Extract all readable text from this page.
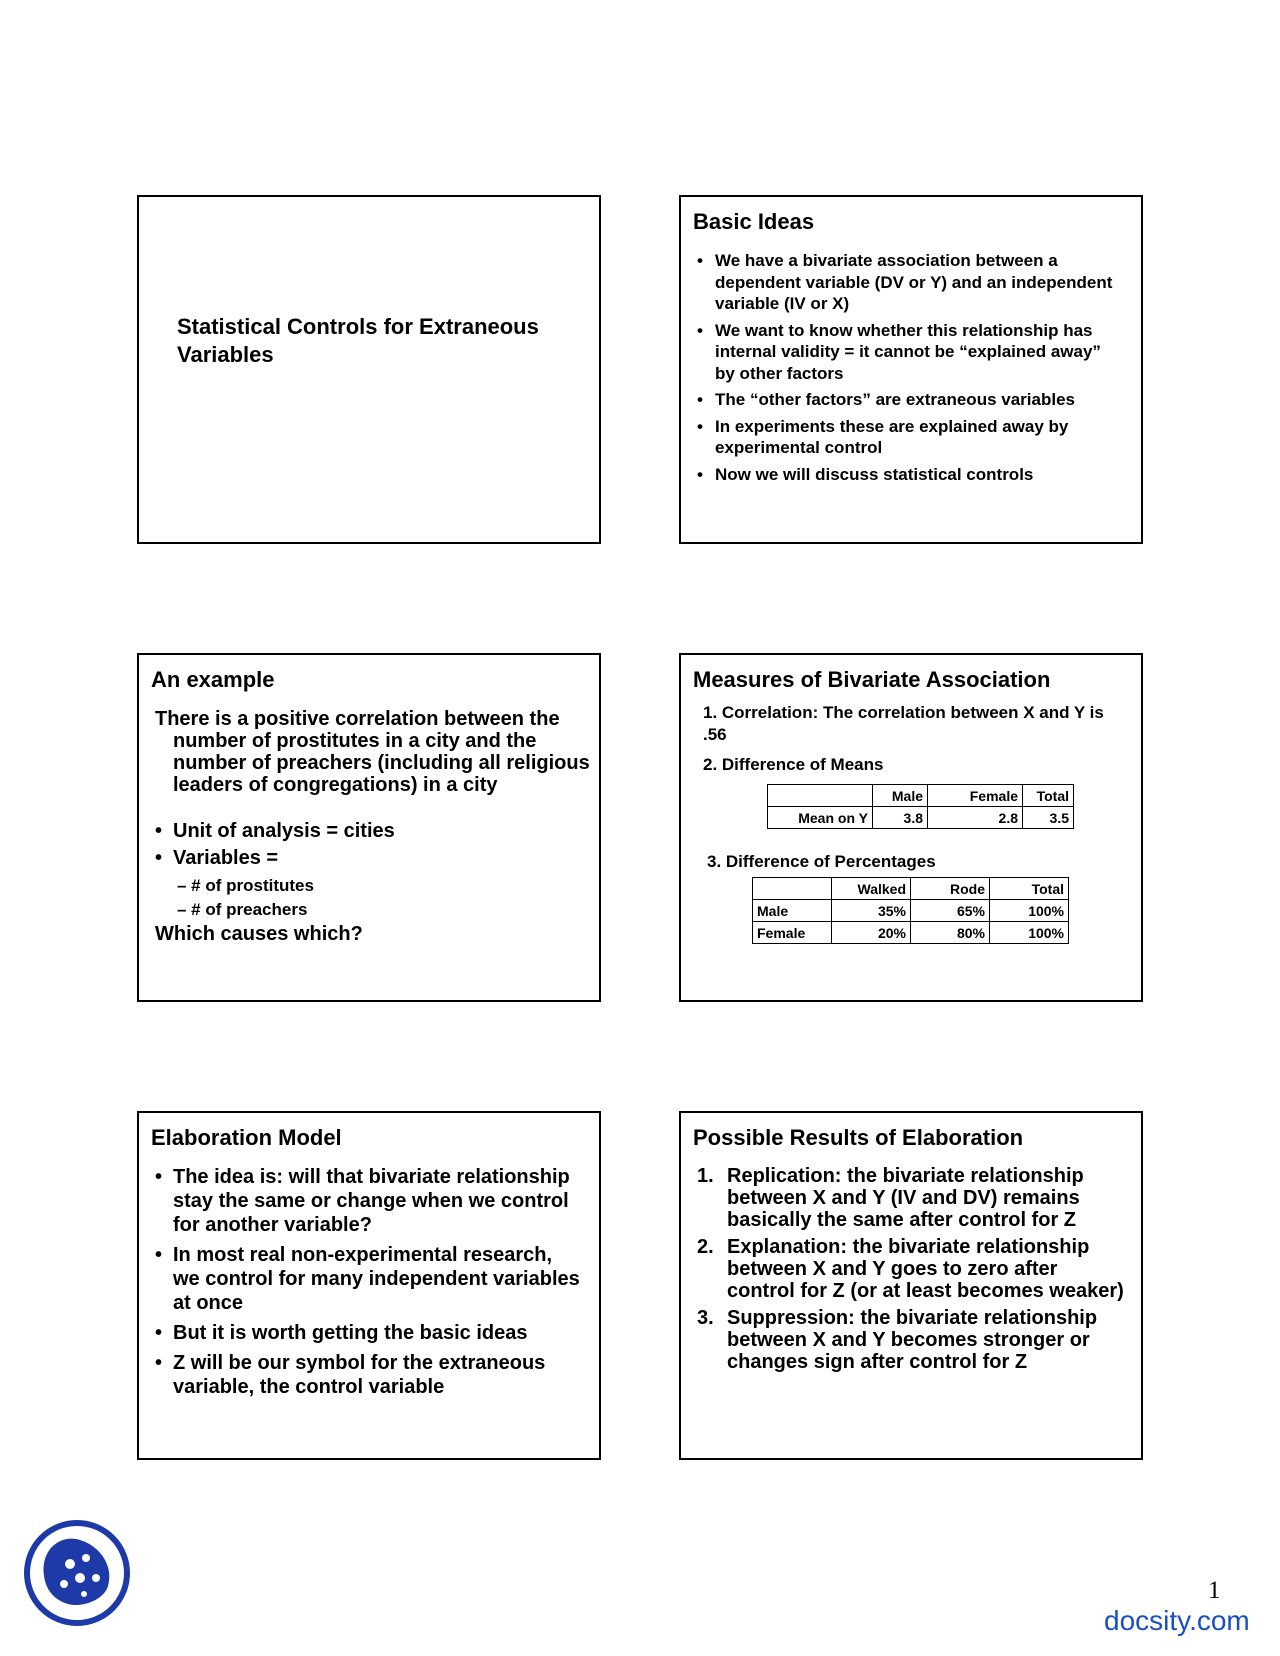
Statistical Controls for Extraneous Variables
Basic Ideas
• We have a bivariate association between a dependent variable (DV or Y) and an independent variable (IV or X)
• We want to know whether this relationship has internal validity = it cannot be “explained away” by other factors
• The “other factors” are extraneous variables
• In experiments these are explained away by experimental control
• Now we will discuss statistical controls
An example
There is a positive correlation between the number of prostitutes in a city and the number of preachers (including all religious leaders of congregations) in a city
• Unit of analysis = cities
• Variables =
– # of prostitutes
– # of preachers
Which causes which?
Measures of Bivariate Association
1. Correlation: The correlation between X and Y is .56
2. Difference of Means
	Male	Female	Total
Mean on Y	3.8	2.8	3.5
3. Difference of Percentages
	Walked	Rode	Total
Male	35%	65%	100%
Female	20%	80%	100%
Elaboration Model
• The idea is: will that bivariate relationship stay the same or change when we control for another variable?
• In most real non-experimental research, we control for many independent variables at once
• But it is worth getting the basic ideas
• Z will be our symbol for the extraneous variable, the control variable
Possible Results of Elaboration
1. Replication: the bivariate relationship between X and Y (IV and DV) remains basically the same after control for Z
2. Explanation: the bivariate relationship between X and Y goes to zero after control for Z (or at least becomes weaker)
3. Suppression: the bivariate relationship between X and Y becomes stronger or changes sign after control for Z
1
docsity.com
